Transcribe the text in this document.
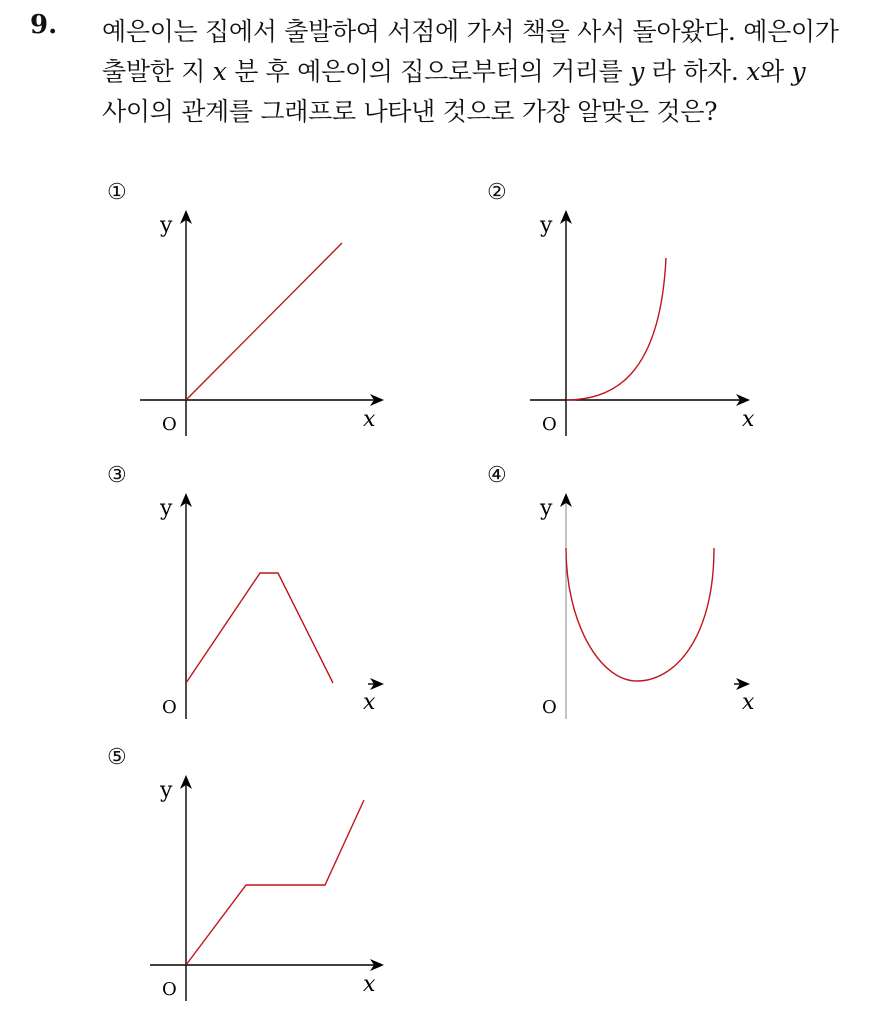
9. 예은이는 집에서 출발하여 서점에 가서 책을 사서 돌아왔다. 예은이가
출발한 지 x 분 후 예은이의 집으로부터의 거리를 y 라 하자. x와 y
사이의 관계를 그래프로 나타낸 것으로 가장 알맞은 것은?
①
y
x
O
②
y
x
O
③
y
x
O
④
y
x
O
⑤
y
x
O
